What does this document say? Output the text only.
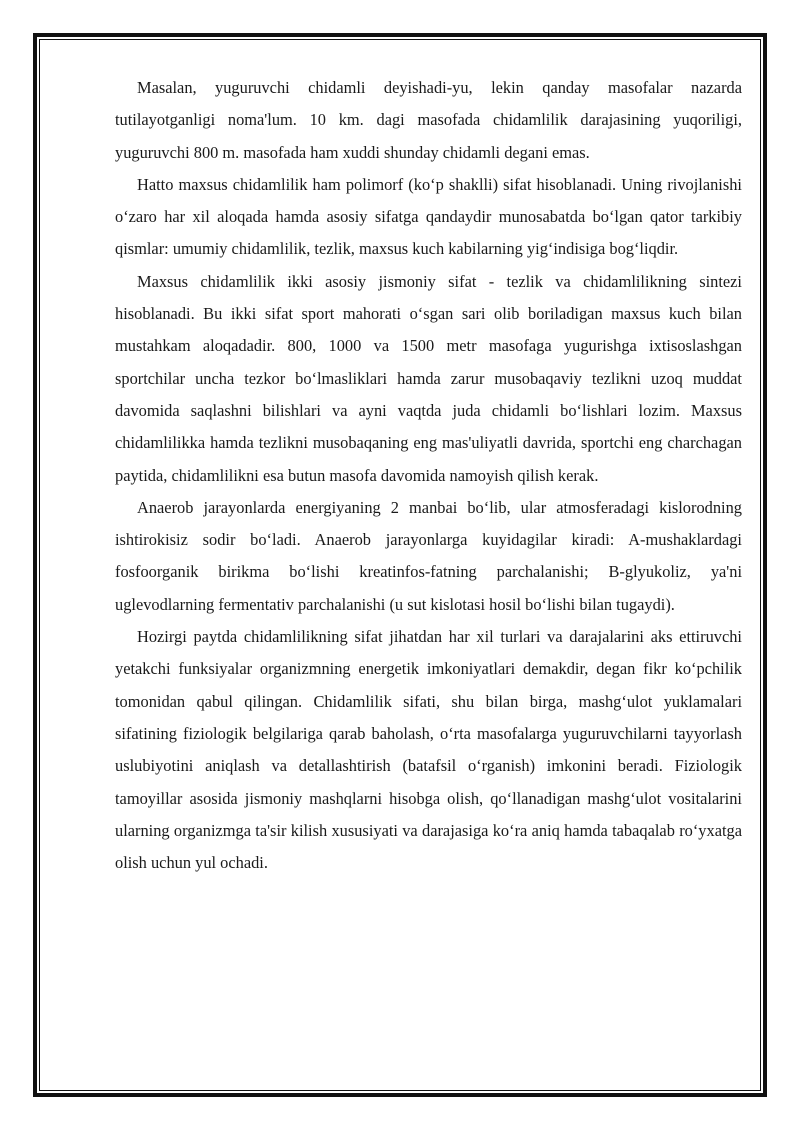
Masalan, yuguruvchi chidamli deyishadi-yu, lekin qanday masofalar nazarda tutilayotganligi noma'lum. 10 km. dagi masofada chidamlilik darajasining yuqoriligi, yuguruvchi 800 m. masofada ham xuddi shunday chidamli degani emas.

Hatto maxsus chidamlilik ham polimorf (ko‘p shaklli) sifat hisoblanadi. Uning rivojlanishi o‘zaro har xil aloqada hamda asosiy sifatga qandaydir munosabatda bo‘lgan qator tarkibiy qismlar: umumiy chidamlilik, tezlik, maxsus kuch kabilarning yig‘indisiga bog‘liqdir.

Maxsus chidamlilik ikki asosiy jismoniy sifat - tezlik va chidamlilikning sintezi hisoblanadi. Bu ikki sifat sport mahorati o‘sgan sari olib boriladigan maxsus kuch bilan mustahkam aloqadadir. 800, 1000 va 1500 metr masofaga yugurishga ixtisoslashgan sportchilar uncha tezkor bo‘lmasliklari hamda zarur musobaqaviy tezlikni uzoq muddat davomida saqlashni bilishlari va ayni vaqtda juda chidamli bo‘lishlari lozim. Maxsus chidamlilikka hamda tezlikni musobaqaning eng mas'uliyatli davrida, sportchi eng charchagan paytida, chidamlilikni esa butun masofa davomida namoyish qilish kerak.

Anaerob jarayonlarda energiyaning 2 manbai bo‘lib, ular atmosferadagi kislorodning ishtirokisiz sodir bo‘ladi. Anaerob jarayonlarga kuyidagilar kiradi: A-mushaklardagi fosfoorganik birikma bo‘lishi kreatinfos-fatning parchalanishi; B-glyukoliz, ya'ni uglevodlarning fermentativ parchalanishi (u sut kislotasi hosil bo‘lishi bilan tugaydi).

Hozirgi paytda chidamlilikning sifat jihatdan har xil turlari va darajalarini aks ettiruvchi yetakchi funksiyalar organizmning energetik imkoniyatlari demakdir, degan fikr ko‘pchilik tomonidan qabul qilingan. Chidamlilik sifati, shu bilan birga, mashg‘ulot yuklamalari sifatining fiziologik belgilariga qarab baholash, o‘rta masofalarga yuguruvchilarni tayyorlash uslubiyotini aniqlash va detallashtirish (batafsil o‘rganish) imkonini beradi. Fiziologik tamoyillar asosida jismoniy mashqlarni hisobga olish, qo‘llanadigan mashg‘ulot vositalarini ularning organizmga ta'sir kilish xususiyati va darajasiga ko‘ra aniq hamda tabaqalab ro‘yxatga olish uchun yul ochadi.
